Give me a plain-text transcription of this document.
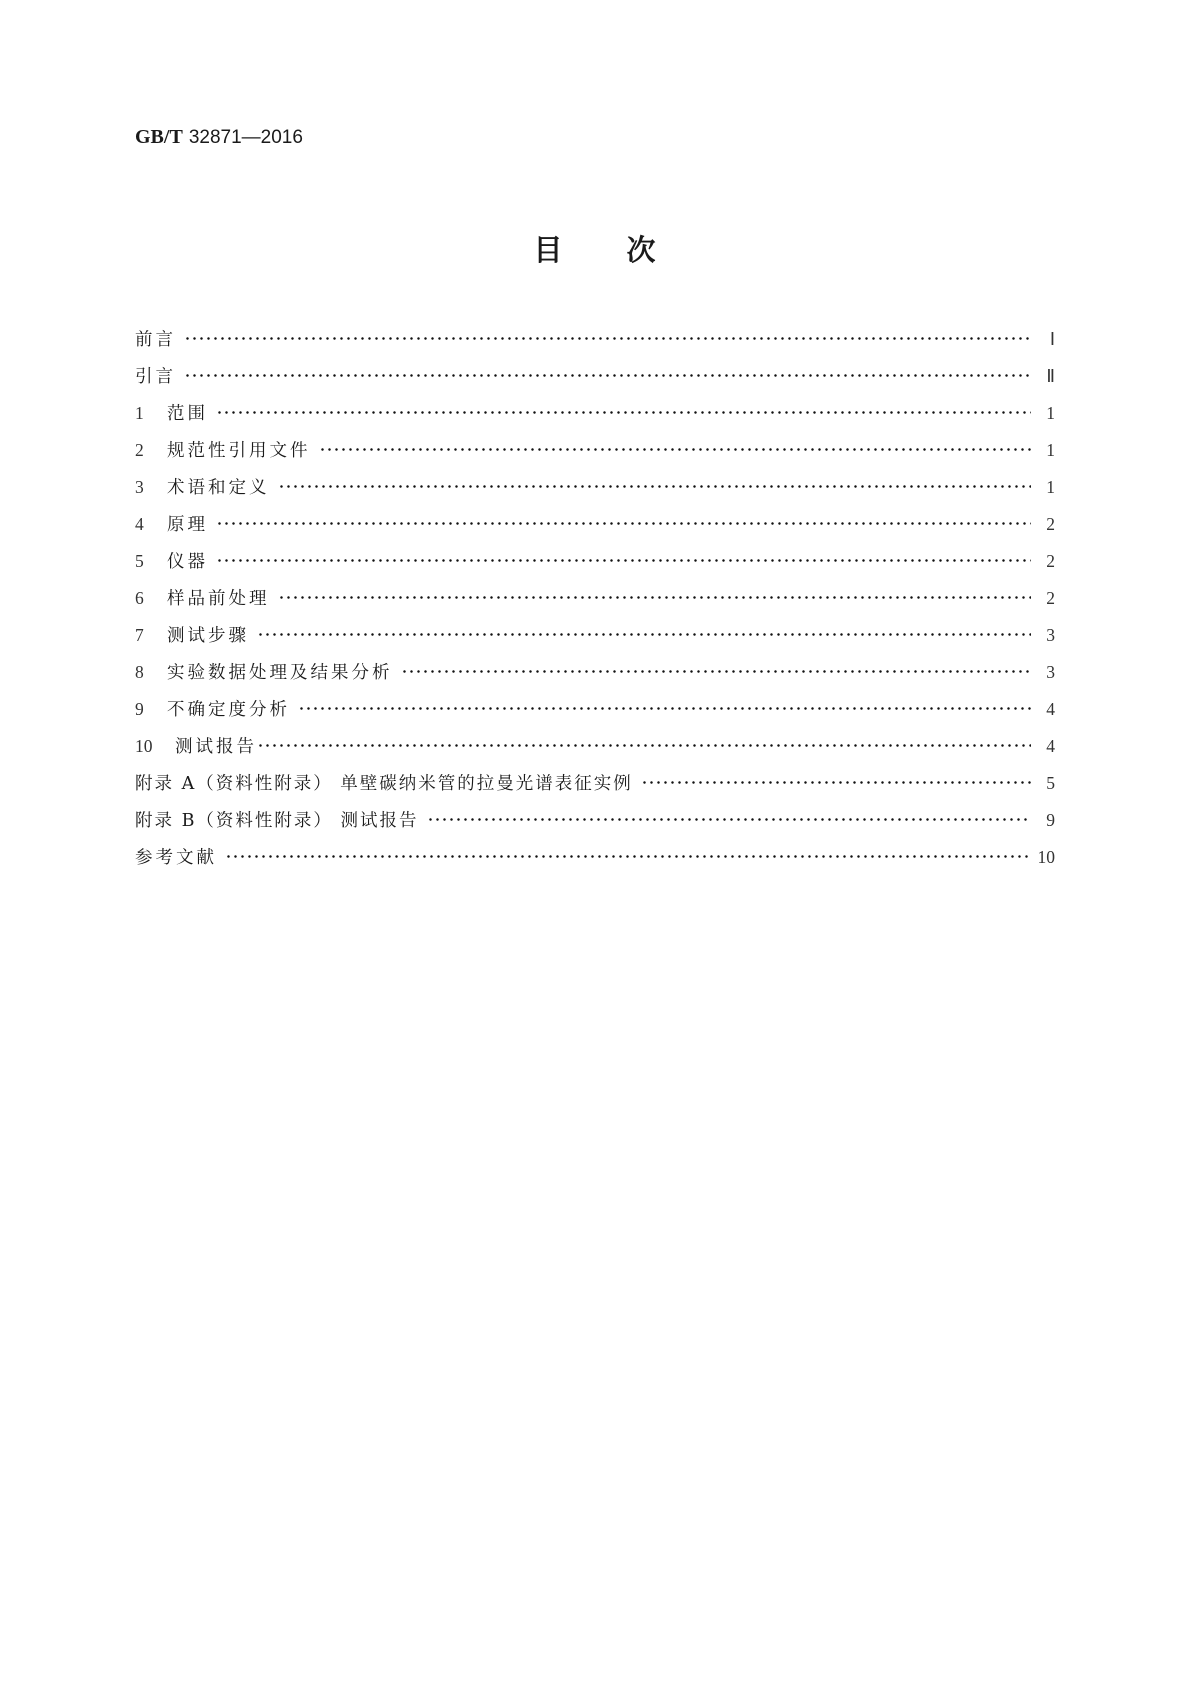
GB/T 32871—2016
目 次
前言	Ⅰ
引言	Ⅱ
1	范围	1
2	规范性引用文件	1
3	术语和定义	1
4	原理	2
5	仪器	2
6	样品前处理	2
7	测试步骤	3
8	实验数据处理及结果分析	3
9	不确定度分析	4
10	测试报告	4
附录 A（资料性附录） 单壁碳纳米管的拉曼光谱表征实例	5
附录 B（资料性附录） 测试报告	9
参考文献	10
